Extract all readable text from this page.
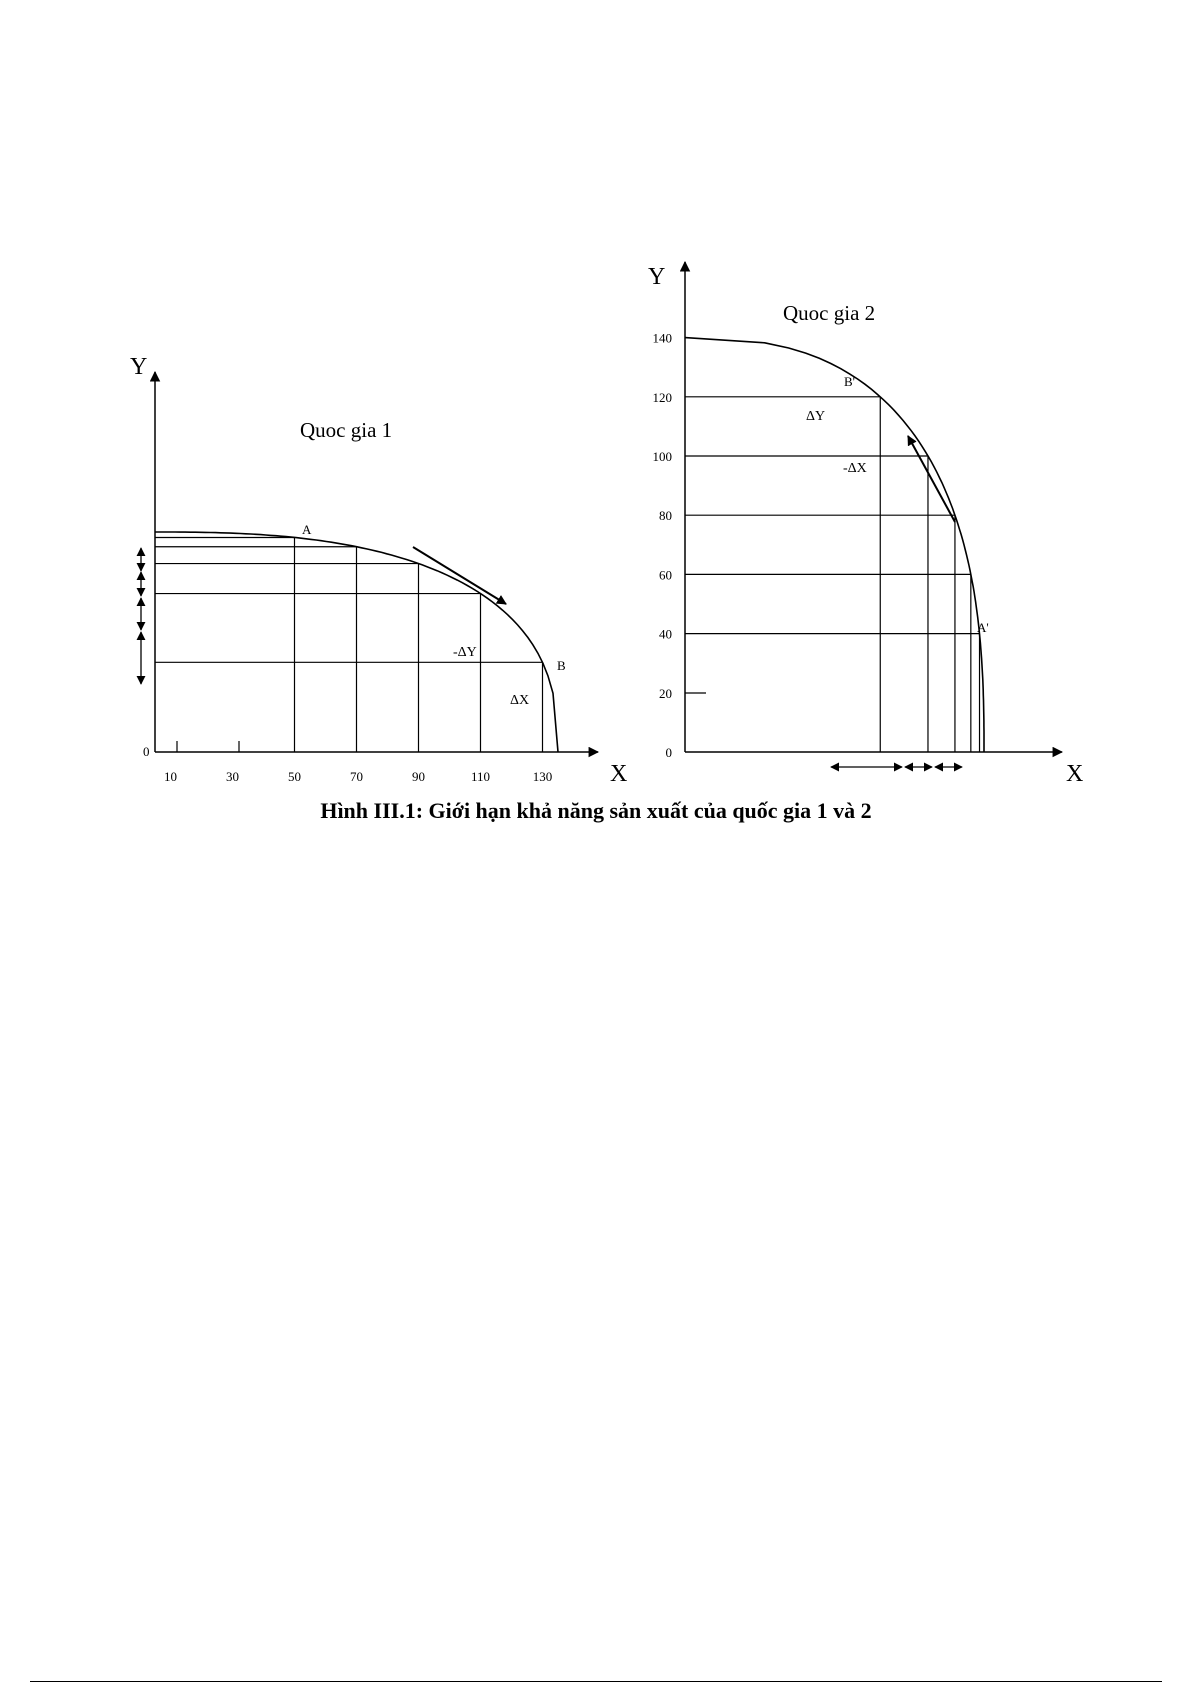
Y
X
Quoc gia 1
0
10	30	50	70	90	110	130
A
B
-ΔY
ΔX
Y
X
Quoc gia 2
0
20
40
60
80
100
120
140
B'
A'
ΔY
-ΔX
Hình III.1: Giới hạn khả năng sản xuất của quốc gia 1 và 2
